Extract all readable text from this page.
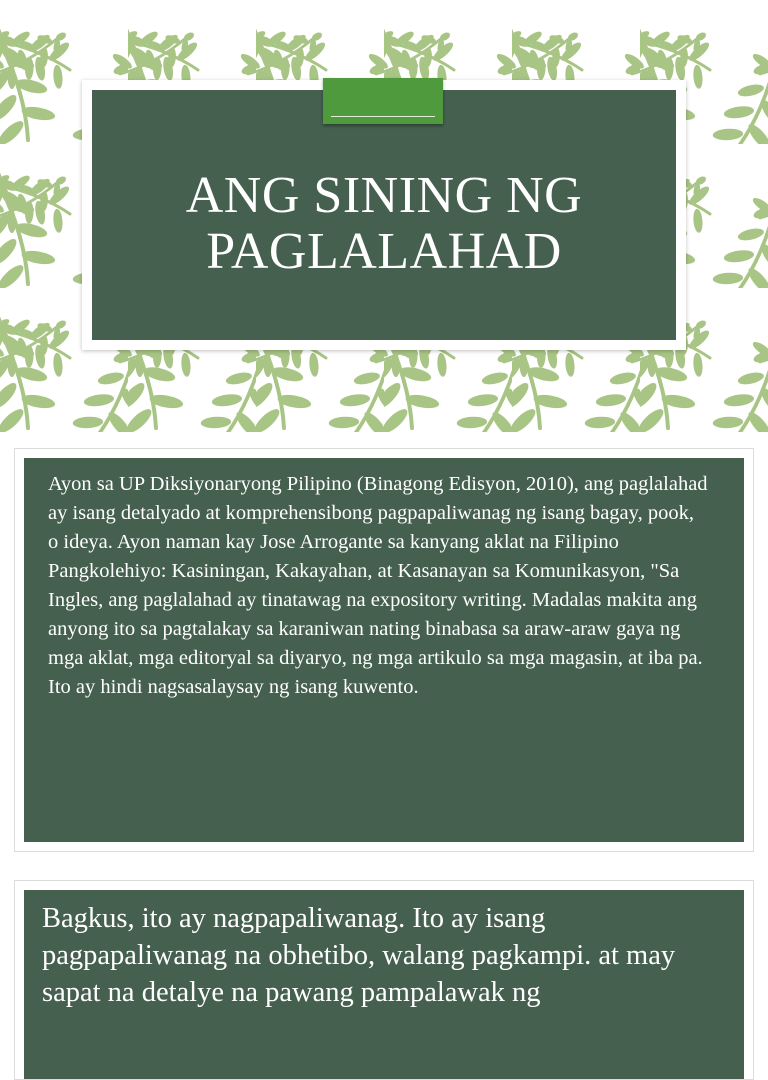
ANG SINING NG
PAGLALAHAD

Ayon sa UP Diksiyonaryong Pilipino (Binagong Edisyon, 2010), ang paglalahad ay isang detalyado at komprehensibong pagpapaliwanag ng isang bagay, pook, o ideya. Ayon naman kay Jose Arrogante sa kanyang aklat na Filipino Pangkolehiyo: Kasiningan, Kakayahan, at Kasanayan sa Komunikasyon, "Sa Ingles, ang paglalahad ay tinatawag na expository writing. Madalas makita ang anyong ito sa pagtalakay sa karaniwan nating binabasa sa araw-araw gaya ng mga aklat, mga editoryal sa diyaryo, ng mga artikulo sa mga magasin, at iba pa. Ito ay hindi nagsasalaysay ng isang kuwento.

Bagkus, ito ay nagpapaliwanag. Ito ay isang pagpapaliwanag na obhetibo, walang pagkampi. at may sapat na detalye na pawang pampalawak ng
